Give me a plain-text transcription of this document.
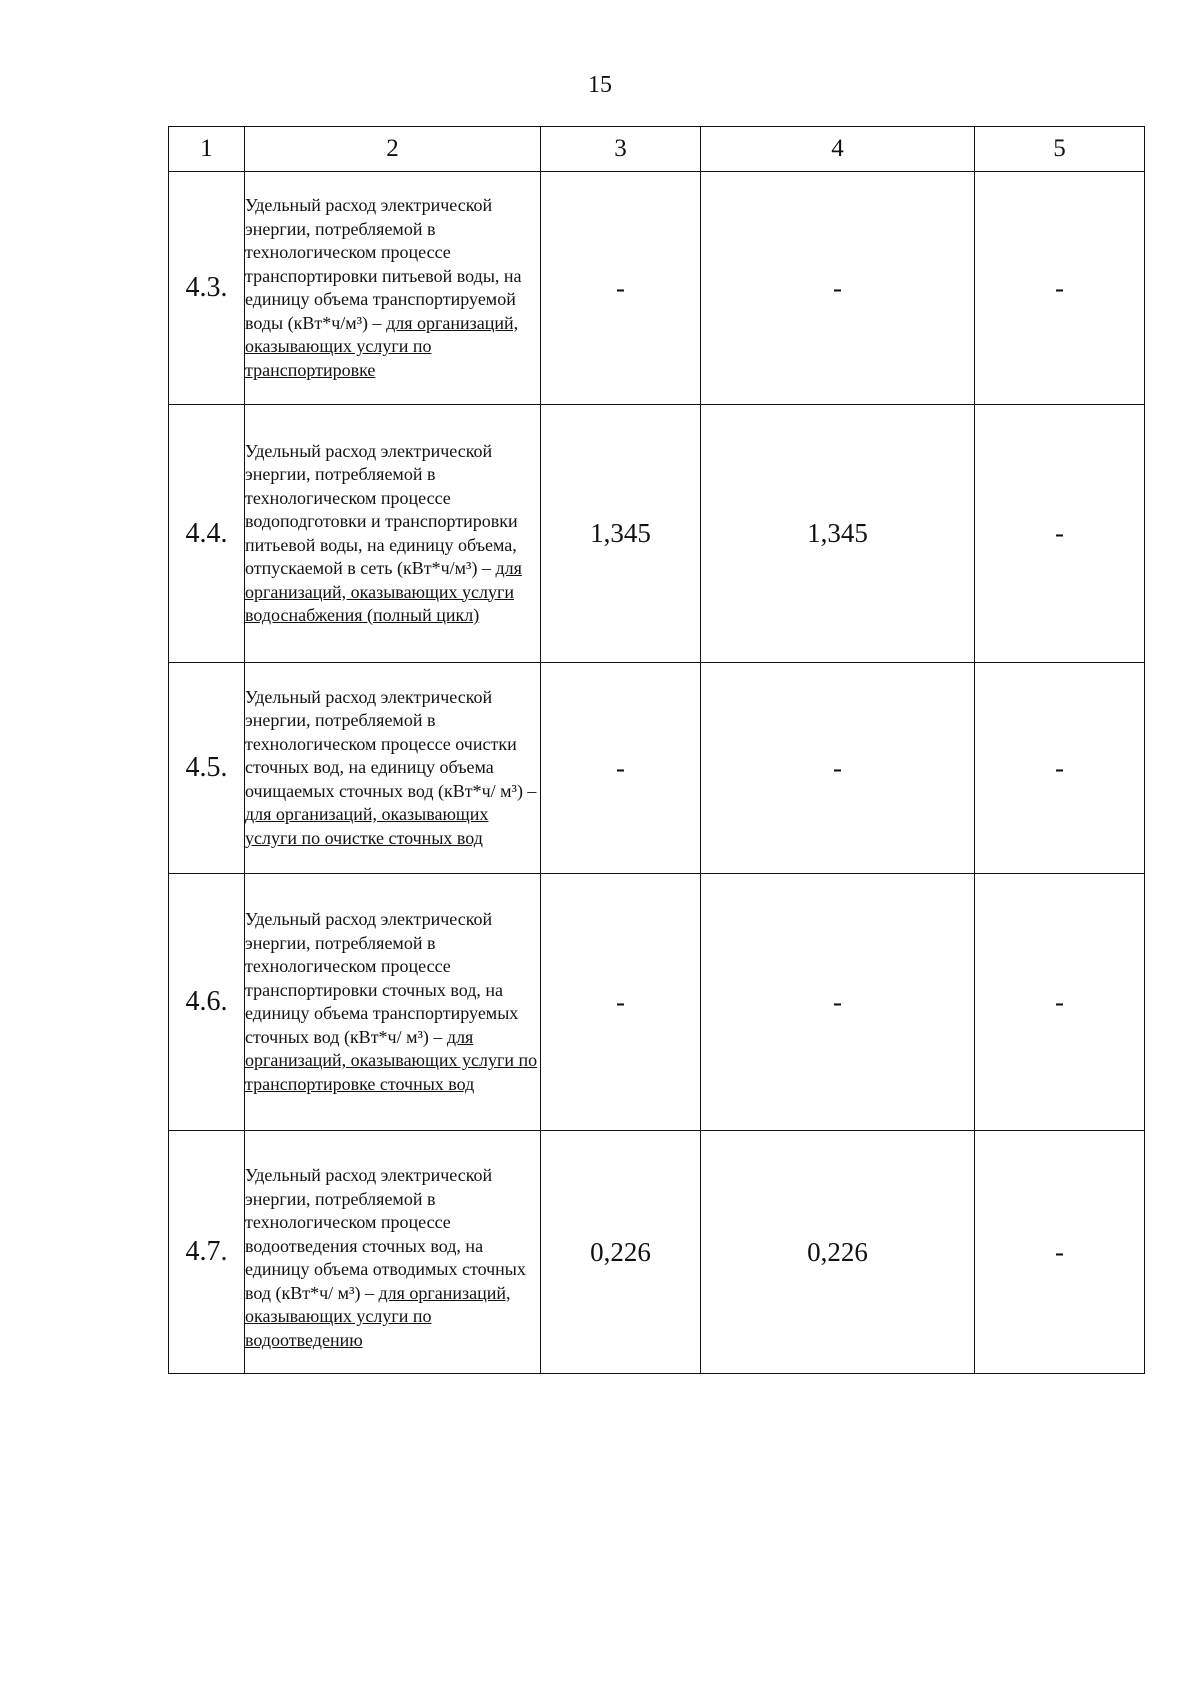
15
1	2	3	4	5
4.3.	Удельный расход электрической энергии, потребляемой в технологическом процессе транспортировки питьевой воды, на единицу объема транспортируемой воды (кВт*ч/м³) – для организаций, оказывающих услуги по транспортировке	-	-	-
4.4.	Удельный расход электрической энергии, потребляемой в технологическом процессе водоподготовки и транспортировки питьевой воды, на единицу объема, отпускаемой в сеть (кВт*ч/м³) – для организаций, оказывающих услуги водоснабжения (полный цикл)	1,345	1,345	-
4.5.	Удельный расход электрической энергии, потребляемой в технологическом процессе очистки сточных вод, на единицу объема очищаемых сточных вод (кВт*ч/ м³) – для организаций, оказывающих услуги по очистке сточных вод	-	-	-
4.6.	Удельный расход электрической энергии, потребляемой в технологическом процессе транспортировки сточных вод, на единицу объема транспортируемых сточных вод (кВт*ч/ м³) – для организаций, оказывающих услуги по транспортировке сточных вод	-	-	-
4.7.	Удельный расход электрической энергии, потребляемой в технологическом процессе водоотведения сточных вод, на единицу объема отводимых сточных вод (кВт*ч/ м³) – для организаций, оказывающих услуги по водоотведению	0,226	0,226	-
